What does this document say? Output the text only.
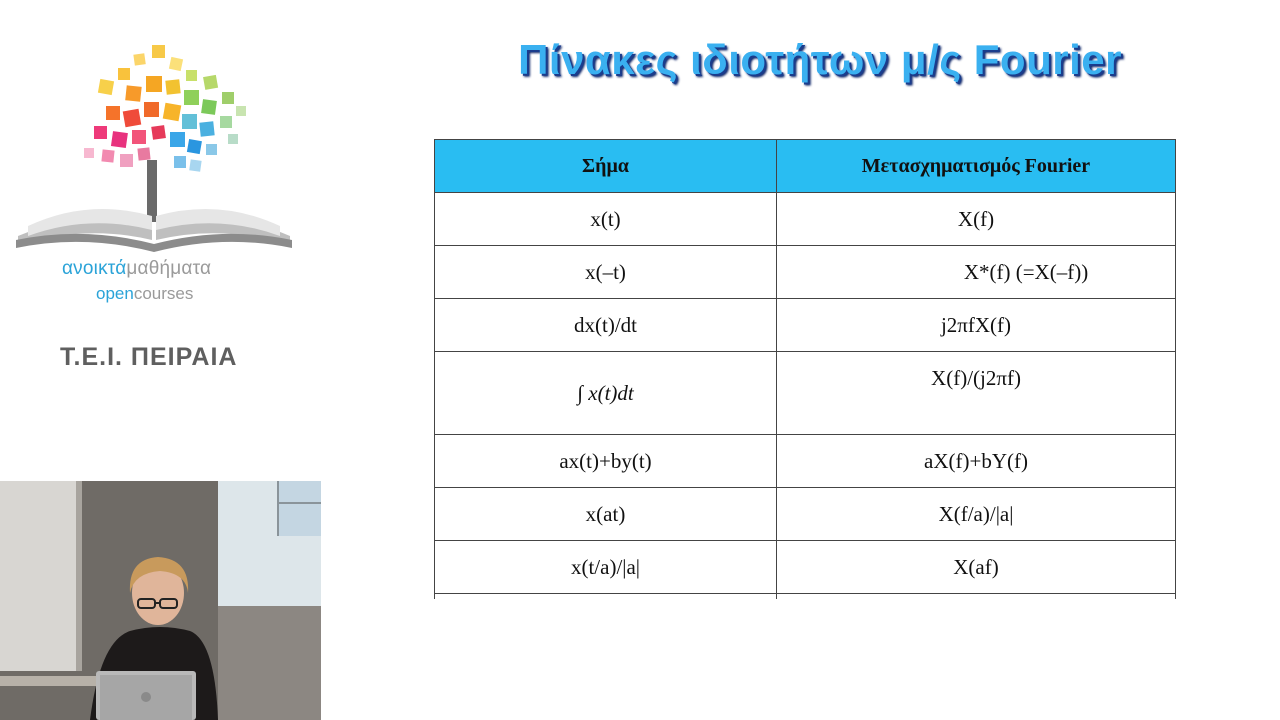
ανοικτάμαθήματα
opencourses
Τ.Ε.Ι. ΠΕΙΡΑΙΑ
Πίνακες ιδιοτήτων μ/ς Fourier
Σήμα	Μετασχηματισμός Fourier
x(t)	X(f)
x(–t)	X*(f) (=X(–f))
dx(t)/dt	j2πfX(f)
∫ x(t)dt	X(f)/(j2πf)
ax(t)+by(t)	aX(f)+bY(f)
x(at)	X(f/a)/|a|
x(t/a)/|a|	X(af)
